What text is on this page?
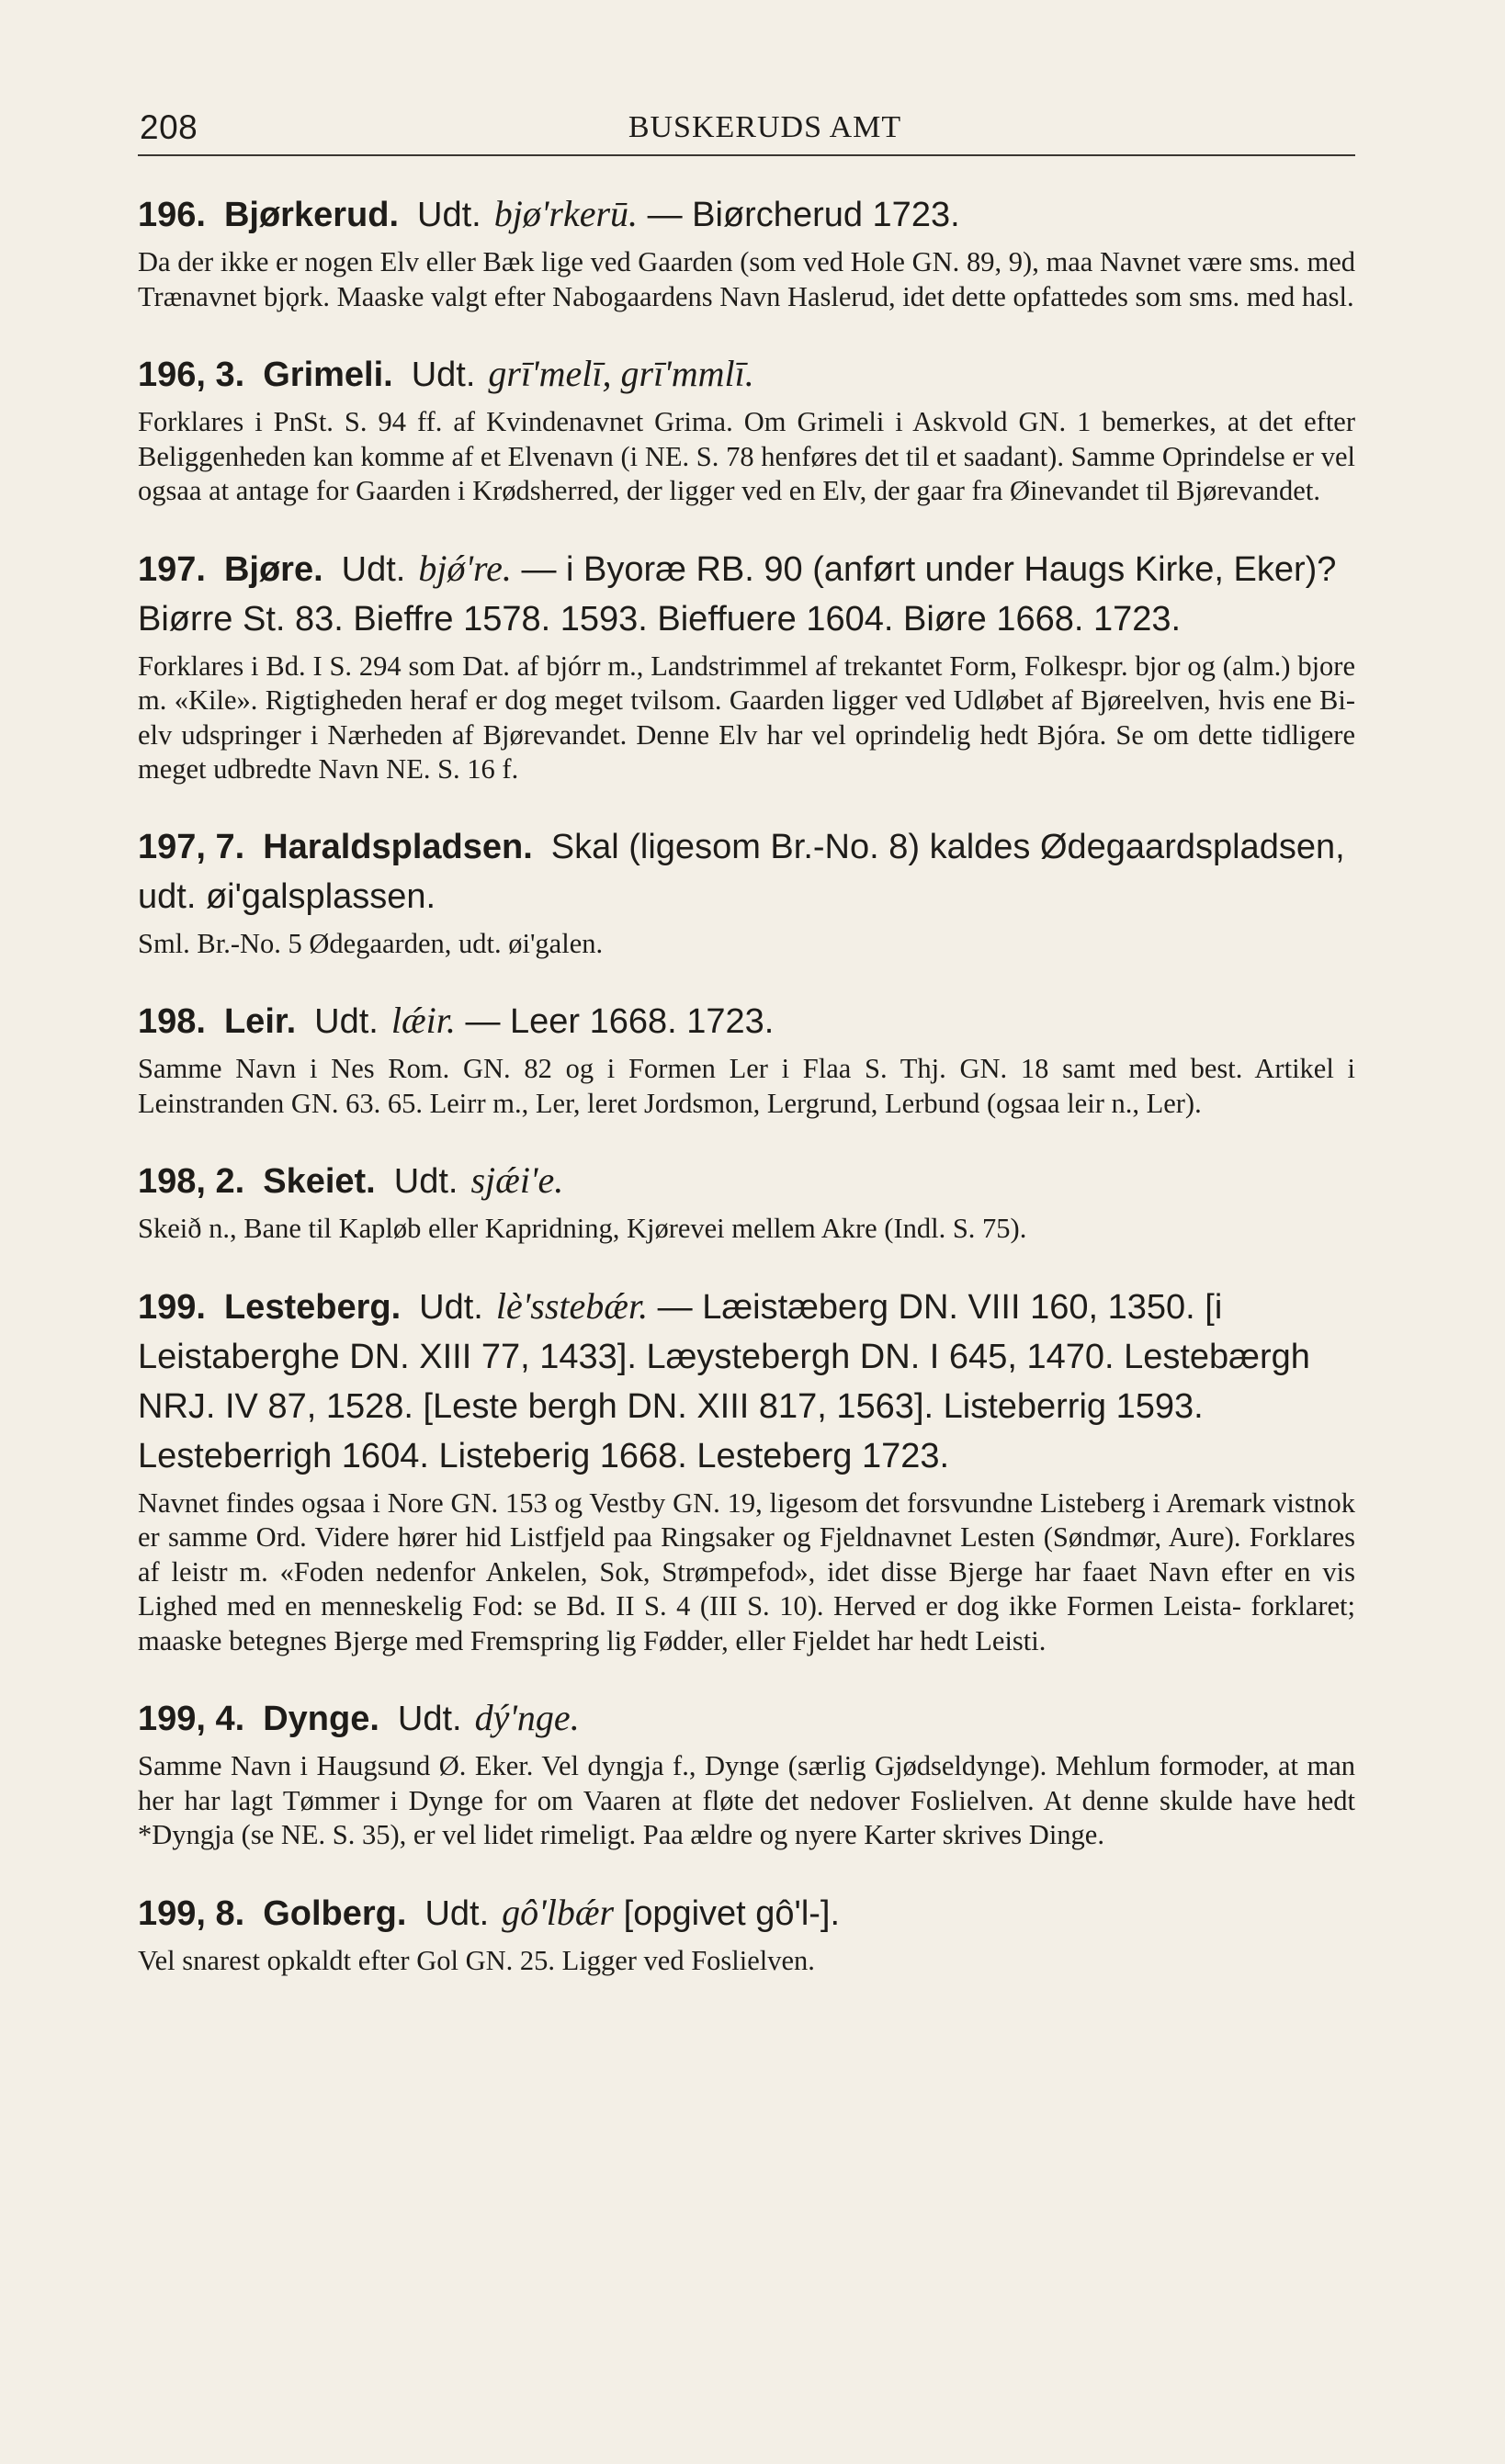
208	BUSKERUDS AMT

196. Bjørkerud. Udt. bjø'rkerū. — Biørcherud 1723.

Da der ikke er nogen Elv eller Bæk lige ved Gaarden (som ved Hole GN. 89, 9), maa Navnet være sms. med Trænavnet bjǫrk. Maaske valgt efter Nabogaardens Navn Haslerud, idet dette opfattedes som sms. med hasl.

196, 3. Grimeli. Udt. grī'melī, grī'mmlī.

Forklares i PnSt. S. 94 ff. af Kvindenavnet Grima. Om Grimeli i Askvold GN. 1 bemerkes, at det efter Beliggenheden kan komme af et Elvenavn (i NE. S. 78 henføres det til et saadant). Samme Oprindelse er vel ogsaa at antage for Gaarden i Krødsherred, der ligger ved en Elv, der gaar fra Øinevandet til Bjørevandet.

197. Bjøre. Udt. bjǿ're. — i Byoræ RB. 90 (anført under Haugs Kirke, Eker)? Biørre St. 83. Bieffre 1578. 1593. Bieffuere 1604. Biøre 1668. 1723.

Forklares i Bd. I S. 294 som Dat. af bjórr m., Landstrimmel af trekantet Form, Folkespr. bjor og (alm.) bjore m. «Kile». Rigtigheden heraf er dog meget tvilsom. Gaarden ligger ved Udløbet af Bjøreelven, hvis ene Bielv udspringer i Nærheden af Bjørevandet. Denne Elv har vel oprindelig hedt Bjóra. Se om dette tidligere meget udbredte Navn NE. S. 16 f.

197, 7. Haraldspladsen. Skal (ligesom Br.-No. 8) kaldes Ødegaardspladsen, udt. øi'galsplassen.

Sml. Br.-No. 5 Ødegaarden, udt. øi'galen.

198. Leir. Udt. lǽir. — Leer 1668. 1723.

Samme Navn i Nes Rom. GN. 82 og i Formen Ler i Flaa S. Thj. GN. 18 samt med best. Artikel i Leinstranden GN. 63. 65. Leirr m., Ler, leret Jordsmon, Lergrund, Lerbund (ogsaa leir n., Ler).

198, 2. Skeiet. Udt. sjǽi'e.

Skeið n., Bane til Kapløb eller Kapridning, Kjørevei mellem Akre (Indl. S. 75).

199. Lesteberg. Udt. lè'sstebǽr. — Læistæberg DN. VIII 160, 1350. [i Leistaberghe DN. XIII 77, 1433]. Læystebergh DN. I 645, 1470. Lestebærgh NRJ. IV 87, 1528. [Leste bergh DN. XIII 817, 1563]. Listeberrig 1593. Lesteberrigh 1604. Listeberig 1668. Lesteberg 1723.

Navnet findes ogsaa i Nore GN. 153 og Vestby GN. 19, ligesom det forsvundne Listeberg i Aremark vistnok er samme Ord. Videre hører hid Listfjeld paa Ringsaker og Fjeldnavnet Lesten (Søndmør, Aure). Forklares af leistr m. «Foden nedenfor Ankelen, Sok, Strømpefod», idet disse Bjerge har faaet Navn efter en vis Lighed med en menneskelig Fod: se Bd. II S. 4 (III S. 10). Herved er dog ikke Formen Leista- forklaret; maaske betegnes Bjerge med Fremspring lig Fødder, eller Fjeldet har hedt Leisti.

199, 4. Dynge. Udt. dý'nge.

Samme Navn i Haugsund Ø. Eker. Vel dyngja f., Dynge (særlig Gjødseldynge). Mehlum formoder, at man her har lagt Tømmer i Dynge for om Vaaren at fløte det nedover Foslielven. At denne skulde have hedt *Dyngja (se NE. S. 35), er vel lidet rimeligt. Paa ældre og nyere Karter skrives Dinge.

199, 8. Golberg. Udt. gô'lbǽr [opgivet gô'l-].

Vel snarest opkaldt efter Gol GN. 25. Ligger ved Foslielven.
